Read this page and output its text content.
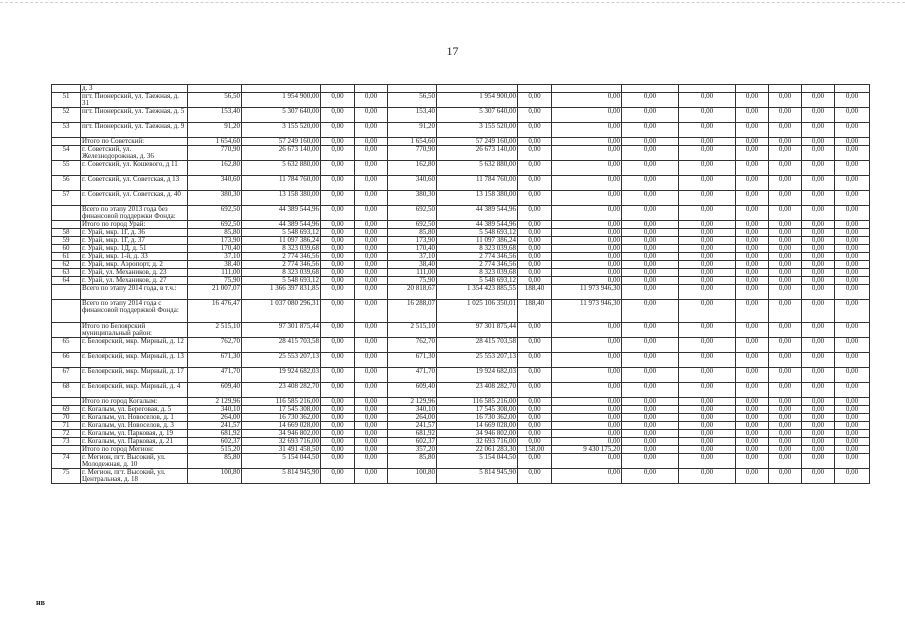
17
	д. 3														
51	пгт. Пионерский, ул. Таежная, д. 31	56,50	1 954 900,00	0,00	0,00	56,50	1 954 900,00	0,00	0,00	0,00	0,00	0,00	0,00	0,00	0,00
52	пгт. Пионерский, ул. Таежная, д. 5	153,40	5 307 640,00	0,00	0,00	153,40	5 307 640,00	0,00	0,00	0,00	0,00	0,00	0,00	0,00	0,00
53	пгт. Пионерский, ул. Таежная, д. 9	91,20	3 155 520,00	0,00	0,00	91,20	3 155 520,00	0,00	0,00	0,00	0,00	0,00	0,00	0,00	0,00
	Итого по Советский:	1 654,60	57 249 160,00	0,00	0,00	1 654,60	57 249 160,00	0,00	0,00	0,00	0,00	0,00	0,00	0,00	0,00
54	г. Советский, ул. Железнодорожная, д. 36	770,90	26 673 140,00	0,00	0,00	770,90	26 673 140,00	0,00	0,00	0,00	0,00	0,00	0,00	0,00	0,00
55	г. Советский, ул. Кошевого, д 11	162,80	5 632 880,00	0,00	0,00	162,80	5 632 880,00	0,00	0,00	0,00	0,00	0,00	0,00	0,00	0,00
56	г. Советский, ул. Советская, д 13	340,60	11 784 760,00	0,00	0,00	340,60	11 784 760,00	0,00	0,00	0,00	0,00	0,00	0,00	0,00	0,00
57	г. Советский, ул. Советская, д. 40	380,30	13 158 380,00	0,00	0,00	380,30	13 158 380,00	0,00	0,00	0,00	0,00	0,00	0,00	0,00	0,00
	Всего по этапу 2013 года без финансовой поддержки Фонда:	692,50	44 389 544,96	0,00	0,00	692,50	44 389 544,96	0,00	0,00	0,00	0,00	0,00	0,00	0,00	0,00
	Итого по город Урай:	692,50	44 389 544,96	0,00	0,00	692,50	44 389 544,96	0,00	0,00	0,00	0,00	0,00	0,00	0,00	0,00
58	г. Урай, мкр. 1Г, д. 36	85,80	5 548 693,12	0,00	0,00	85,80	5 548 693,12	0,00	0,00	0,00	0,00	0,00	0,00	0,00	0,00
59	г. Урай, мкр. 1Г, д. 37	173,90	11 097 386,24	0,00	0,00	173,90	11 097 386,24	0,00	0,00	0,00	0,00	0,00	0,00	0,00	0,00
60	г. Урай, мкр. 1Д, д. 51	170,40	8 323 039,68	0,00	0,00	170,40	8 323 039,68	0,00	0,00	0,00	0,00	0,00	0,00	0,00	0,00
61	г. Урай, мкр. 1-й, д. 33	37,10	2 774 346,56	0,00	0,00	37,10	2 774 346,56	0,00	0,00	0,00	0,00	0,00	0,00	0,00	0,00
62	г. Урай, мкр. Аэропорт, д. 2	38,40	2 774 346,56	0,00	0,00	38,40	2 774 346,56	0,00	0,00	0,00	0,00	0,00	0,00	0,00	0,00
63	г. Урай, ул. Механиков, д. 23	111,00	8 323 039,68	0,00	0,00	111,00	8 323 039,68	0,00	0,00	0,00	0,00	0,00	0,00	0,00	0,00
64	г. Урай, ул. Механиков, д. 27	75,90	5 548 693,12	0,00	0,00	75,90	5 548 693,12	0,00	0,00	0,00	0,00	0,00	0,00	0,00	0,00
	Всего по этапу 2014 года, в т.ч.:	21 007,07	1 366 397 831,85	0,00	0,00	20 818,67	1 354 423 885,55	188,40	11 973 946,30	0,00	0,00	0,00	0,00	0,00	0,00
	Всего по этапу 2014 года с финансовой поддержкой Фонда:	16 476,47	1 037 080 296,31	0,00	0,00	16 288,07	1 025 106 350,01	188,40	11 973 946,30	0,00	0,00	0,00	0,00	0,00	0,00
	Итого по Белоярский муниципальный район:	2 515,10	97 301 875,44	0,00	0,00	2 515,10	97 301 875,44	0,00	0,00	0,00	0,00	0,00	0,00	0,00	0,00
65	г. Белоярский, мкр. Мирный, д. 12	762,70	28 415 703,58	0,00	0,00	762,70	28 415 703,58	0,00	0,00	0,00	0,00	0,00	0,00	0,00	0,00
66	г. Белоярский, мкр. Мирный, д. 13	671,30	25 553 207,13	0,00	0,00	671,30	25 553 207,13	0,00	0,00	0,00	0,00	0,00	0,00	0,00	0,00
67	г. Белоярский, мкр. Мирный, д. 17	471,70	19 924 682,03	0,00	0,00	471,70	19 924 682,03	0,00	0,00	0,00	0,00	0,00	0,00	0,00	0,00
68	г. Белоярский, мкр. Мирный, д. 4	609,40	23 408 282,70	0,00	0,00	609,40	23 408 282,70	0,00	0,00	0,00	0,00	0,00	0,00	0,00	0,00
	Итого по город Когалым:	2 129,96	116 585 216,00	0,00	0,00	2 129,96	116 585 216,00	0,00	0,00	0,00	0,00	0,00	0,00	0,00	0,00
69	г. Когалым, ул. Береговая, д. 5	340,10	17 545 308,00	0,00	0,00	340,10	17 545 308,00	0,00	0,00	0,00	0,00	0,00	0,00	0,00	0,00
70	г. Когалым, ул. Новоселов, д. 1	264,00	16 730 362,00	0,00	0,00	264,00	16 730 362,00	0,00	0,00	0,00	0,00	0,00	0,00	0,00	0,00
71	г. Когалым, ул. Новоселов, д. 3	241,57	14 669 028,00	0,00	0,00	241,57	14 669 028,00	0,00	0,00	0,00	0,00	0,00	0,00	0,00	0,00
72	г. Когалым, ул. Парковая, д. 19	681,92	34 946 802,00	0,00	0,00	681,92	34 946 802,00	0,00	0,00	0,00	0,00	0,00	0,00	0,00	0,00
73	г. Когалым, ул. Парковая, д. 21	602,37	32 693 716,00	0,00	0,00	602,37	32 693 716,00	0,00	0,00	0,00	0,00	0,00	0,00	0,00	0,00
	Итого по город Мегион:	515,20	31 491 458,50	0,00	0,00	357,20	22 061 283,30	158,00	9 430 175,20	0,00	0,00	0,00	0,00	0,00	0,00
74	г. Мегион, пгт. Высокий, ул. Молодежная, д. 10	85,80	5 154 044,50	0,00	0,00	85,80	5 154 044,50	0,00	0,00	0,00	0,00	0,00	0,00	0,00	0,00
75	г. Мегион, пгт. Высокий, ул. Центральная, д. 18	100,80	5 814 945,90	0,00	0,00	100,80	5 814 945,90	0,00	0,00	0,00	0,00	0,00	0,00	0,00	0,00
нв
